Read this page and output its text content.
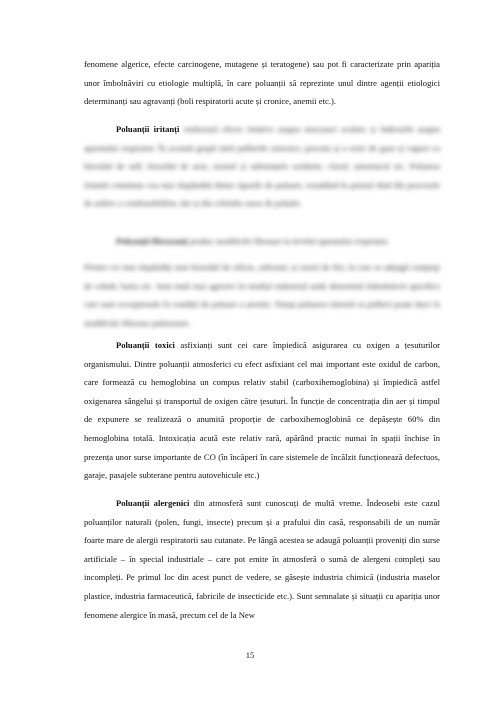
fenomene algerice, efecte carcinogene, mutagene și teratogene) sau pot fi caracterizate prin apariția unor îmbolnăviri cu etiologie multiplă, în care poluanții să reprezinte unul dintre agenții etiologici determinanți sau agravanți (boli respiratorii acute și cronice, anemii etc.).

Poluanții iritanți realizează efecte iritative asupra mucoasei oculare și îndeosebi asupra aparatului respirator. În această grupă intră pulberile netoxice, precum și o serie de gaze și vapori cu bioxidul de sulf, bioxidul de azot, ozonul și substanțele oxidante, clorul, amoniacul etc. Poluarea iritantă constituie cea mai răspândită dintre tipurile de poluare, rezultând în primul rând din procesele de ardere a combustibililor, dar și din celelalte surse de poluări.

Poluanții fibrozanți produc modificări fibroase la nivelul aparatului respirator.

Printre cei mai răspândiți sunt bioxidul de siliciu, azbestul, și oxizii de fier, la care se adaugă compuşi de cobalt, bariu etc. Sunt mult mai agresivi în mediul industrial unde determină îmbolnăviri specifice care sunt excepționale în condiții de poluare a aerului. Totuşi poluarea intensă cu pulberi poate duce la modificări fibroase pulmonare.

Poluanții toxici asfixianți sunt cei care împiedică asigurarea cu oxigen a țesuturilor organismului. Dintre poluanții atmosferici cu efect asfixiant cel mai important este oxidul de carbon, care formează cu hemoglobina un compus relativ stabil (carboxihemoglobina) și împiedică astfel oxigenarea sângelui și transportul de oxigen către țesuturi. În funcție de concentrația din aer și timpul de expunere se realizează o anumită proporție de carboxihemoglobină ce depășește 60% din hemoglobina totală. Intoxicația acută este relativ rară, apărând practic numai în spații închise în prezența unor surse importante de CO (în încăperi în care sistemele de încălzit funcționează defectuos, garaje, pasajele subterane pentru autovehicule etc.)

Poluanții alergenici din atmosferă sunt cunoscuți de multă vreme. Îndeosebi este cazul poluanților naturali (polen, fungi, insecte) precum și a prafului din casă, responsabili de un număr foarte mare de alergii respiratorii sau cutanate. Pe lângă acestea se adaugă poluanții proveniți din surse artificiale – în special industriale – care pot emite în atmosferă o sumă de alergeni compleți sau incompleți. Pe primul loc din acest punct de vedere, se găsește industria chimică (industria maselor plastice, industria farmaceutică, fabricile de insecticide etc.). Sunt semnalate și situații cu apariția unor fenomene alergice în masă, precum cel de la New

15
